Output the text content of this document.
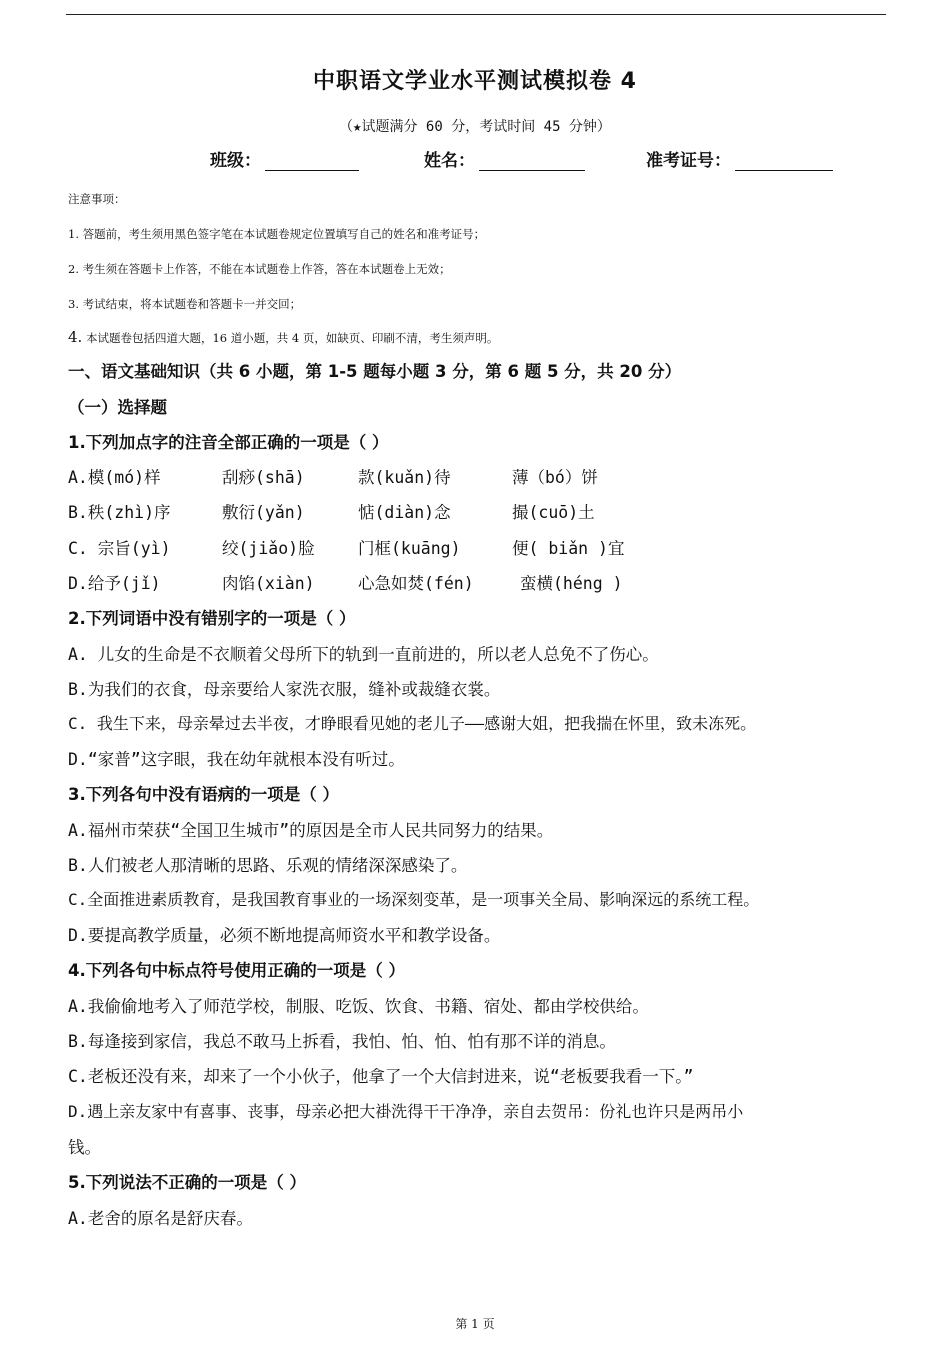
中职语文学业水平测试模拟卷 4
（★试题满分 60 分，考试时间 45 分钟）
班级：	姓名：	准考证号：
注意事项：
1. 答题前，考生须用黑色签字笔在本试题卷规定位置填写自己的姓名和准考证号；
2. 考生须在答题卡上作答，不能在本试题卷上作答，答在本试题卷上无效；
3. 考试结束，将本试题卷和答题卡一并交回；
4. 本试题卷包括四道大题，16 道小题，共 4 页，如缺页、印刷不清，考生须声明。
一、语文基础知识（共 6 小题，第 1-5 题每小题 3 分，第 6 题 5 分，共 20 分）
（一）选择题
1.下列加点字的注音全部正确的一项是（ ）
A.模(mó)样	刮痧(shā)	款(kuǎn)待	薄（bó）饼
B.秩(zhì)序	敷衍(yǎn)	惦(diàn)念	撮(cuō)土
C. 宗旨(yì)	绞(jiǎo)脸	门框(kuāng)	便( biǎn )宜
D.给予(jǐ)	肉馅(xiàn)	心急如焚(fén)	蛮横(héng )
2.下列词语中没有错别字的一项是（ ）
A. 儿女的生命是不衣顺着父母所下的轨到一直前进的，所以老人总免不了伤心。
B.为我们的衣食，母亲要给人家洗衣服，缝补或裁缝衣裳。
C. 我生下来，母亲晕过去半夜，才睁眼看见她的老儿子——感谢大姐，把我揣在怀里，致未冻死。
D.“家普”这字眼，我在幼年就根本没有听过。
3.下列各句中没有语病的一项是（ ）
A.福州市荣获“全国卫生城市”的原因是全市人民共同努力的结果。
B.人们被老人那清晰的思路、乐观的情绪深深感染了。
C.全面推进素质教育，是我国教育事业的一场深刻变革，是一项事关全局、影响深远的系统工程。
D.要提高教学质量，必须不断地提高师资水平和教学设备。
4.下列各句中标点符号使用正确的一项是（ ）
A.我偷偷地考入了师范学校，制服、吃饭、饮食、书籍、宿处、都由学校供给。
B.每逢接到家信，我总不敢马上拆看，我怕、怕、怕、怕有那不详的消息。
C.老板还没有来，却来了一个小伙子，他拿了一个大信封进来，说“老板要我看一下。”
D.遇上亲友家中有喜事、丧事，母亲必把大褂洗得干干净净，亲自去贺吊：份礼也许只是两吊小
钱。
5.下列说法不正确的一项是（ ）
A.老舍的原名是舒庆春。
第 1 页
